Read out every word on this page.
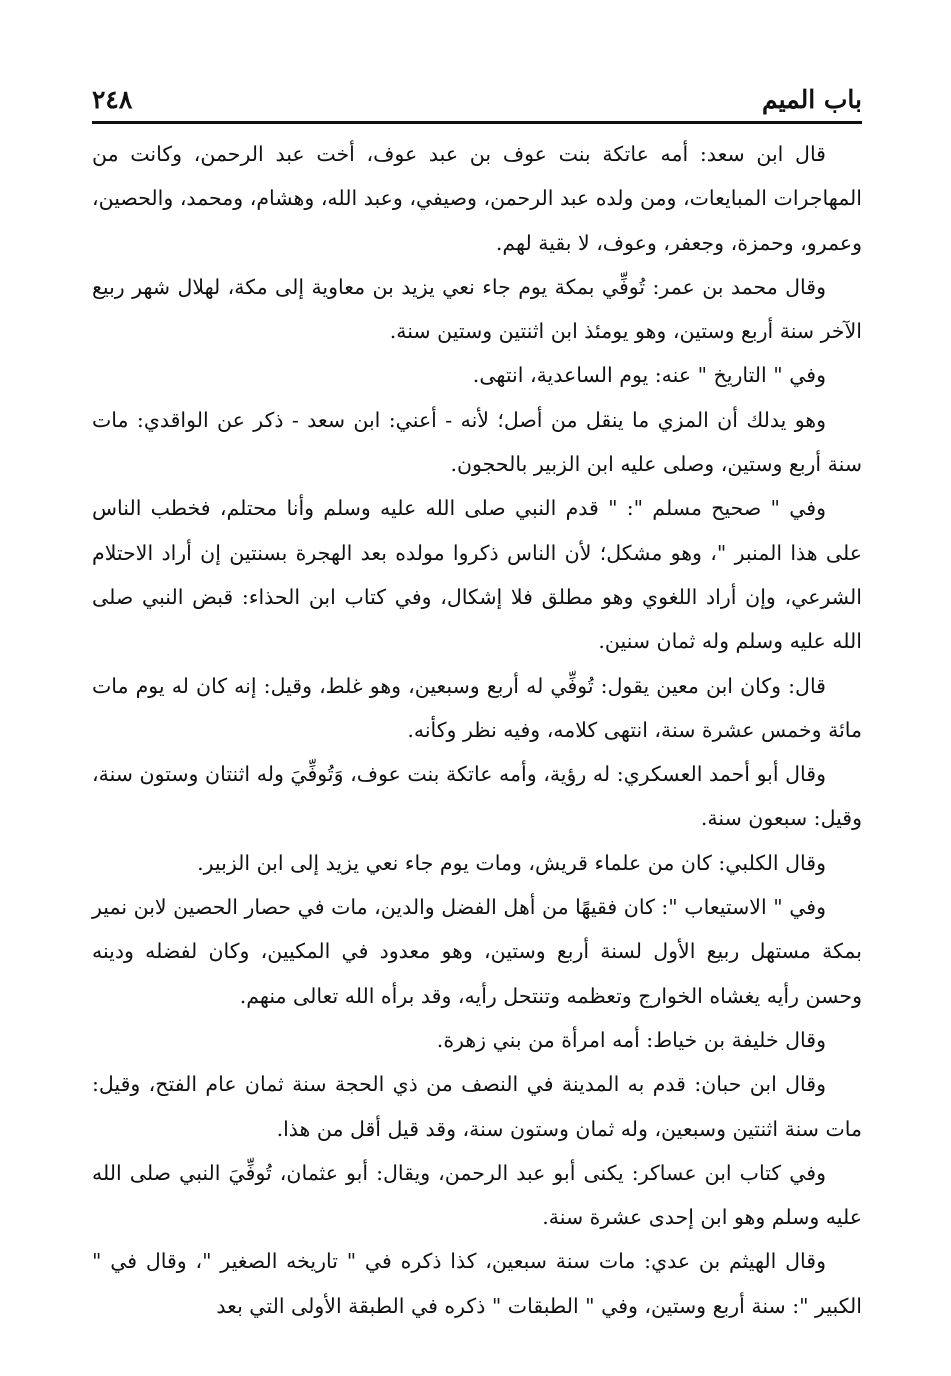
باب الميم
٢٤٨

قال ابن سعد: أمه عاتكة بنت عوف بن عبد عوف، أخت عبد الرحمن، وكانت من المهاجرات المبايعات، ومن ولده عبد الرحمن، وصيفي، وعبد الله، وهشام، ومحمد، والحصين، وعمرو، وحمزة، وجعفر، وعوف، لا بقية لهم.

وقال محمد بن عمر: تُوفِّي بمكة يوم جاء نعي يزيد بن معاوية إلى مكة، لهلال شهر ربيع الآخر سنة أربع وستين، وهو يومئذ ابن اثنتين وستين سنة.

وفي " التاريخ " عنه: يوم الساعدية، انتهى.

وهو يدلك أن المزي ما ينقل من أصل؛ لأنه - أعني: ابن سعد - ذكر عن الواقدي: مات سنة أربع وستين، وصلى عليه ابن الزبير بالحجون.

وفي " صحيح مسلم ": " قدم النبي صلى الله عليه وسلم وأنا محتلم، فخطب الناس على هذا المنبر "، وهو مشكل؛ لأن الناس ذكروا مولده بعد الهجرة بسنتين إن أراد الاحتلام الشرعي، وإن أراد اللغوي وهو مطلق فلا إشكال، وفي كتاب ابن الحذاء: قبض النبي صلى الله عليه وسلم وله ثمان سنين.

قال: وكان ابن معين يقول: تُوفِّي له أربع وسبعين، وهو غلط، وقيل: إنه كان له يوم مات مائة وخمس عشرة سنة، انتهى كلامه، وفيه نظر وكأنه.

وقال أبو أحمد العسكري: له رؤية، وأمه عاتكة بنت عوف، وَتُوفِّيَ وله اثنتان وستون سنة، وقيل: سبعون سنة.

وقال الكلبي: كان من علماء قريش، ومات يوم جاء نعي يزيد إلى ابن الزبير.

وفي " الاستيعاب ": كان فقيهًا من أهل الفضل والدين، مات في حصار الحصين لابن نمير بمكة مستهل ربيع الأول لسنة أربع وستين، وهو معدود في المكيين، وكان لفضله ودينه وحسن رأيه يغشاه الخوارج وتعظمه وتنتحل رأيه، وقد برأه الله تعالى منهم.

وقال خليفة بن خياط: أمه امرأة من بني زهرة.

وقال ابن حبان: قدم به المدينة في النصف من ذي الحجة سنة ثمان عام الفتح، وقيل: مات سنة اثنتين وسبعين، وله ثمان وستون سنة، وقد قيل أقل من هذا.

وفي كتاب ابن عساكر: يكنى أبو عبد الرحمن، ويقال: أبو عثمان، تُوفِّيَ النبي صلى الله عليه وسلم وهو ابن إحدى عشرة سنة.

وقال الهيثم بن عدي: مات سنة سبعين، كذا ذكره في " تاريخه الصغير "، وقال في " الكبير ": سنة أربع وستين، وفي " الطبقات " ذكره في الطبقة الأولى التي بعد
